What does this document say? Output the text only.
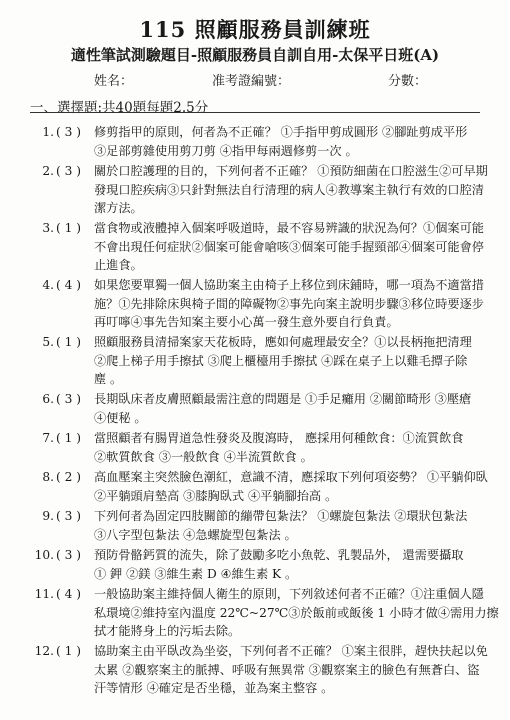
115 照顧服務員訓練班
適性筆試測驗題目-照顧服務員自訓自用-太保平日班(A)
姓名：	准考證編號：	分數：
一、選擇題:共40題每題2.5分
1. ( 3 )	修剪指甲的原則，何者為不正確？ ①手指甲剪成圓形 ②腳趾剪成平形
③足部剪雜使用剪刀剪 ④指甲每兩週修剪一次 。
2. ( 3 )	關於口腔護理的目的，下列何者不正確？ ①預防細菌在口腔滋生②可早期
發現口腔疾病③只針對無法自行清理的病人④教導案主執行有效的口腔清
潔方法。
3. ( 1 )	當食物或液體掉入個案呼吸道時，最不容易辨識的狀況為何？①個案可能
不會出現任何症狀②個案可能會嗆咳③個案可能手握頸部④個案可能會停
止進食。
4. ( 4 )	如果您要單獨一個人協助案主由椅子上移位到床鋪時，哪一項為不適當措
施？①先排除床與椅子間的障礙物②事先向案主說明步驟③移位時要逐步
再叮嚀④事先告知案主要小心萬一發生意外要自行負責。
5. ( 1 )	照顧服務員清掃案家天花板時，應如何處理最安全？①以長柄拖把清理
②爬上梯子用手擦拭 ③爬上櫃檯用手擦拭 ④踩在桌子上以雞毛撢子除
塵 。
6. ( 3 )	長期臥床者皮膚照顧最需注意的問題是 ①手足癱用 ②關節畸形 ③壓瘡
④便秘 。
7. ( 1 )	當照顧者有腸胃道急性發炎及腹瀉時， 應採用何種飲食：①流質飲食
②軟質飲食 ③一般飲食 ④半流質飲食 。
8. ( 2 )	高血壓案主突然臉色潮紅，意識不清，應採取下列何項姿勢？ ①平躺仰臥
②平躺頭肩墊高 ③膝胸臥式 ④平躺腳抬高 。
9. ( 3 )	下列何者為固定四肢關節的繃帶包紮法？ ①螺旋包紮法 ②環狀包紮法
③八字型包紮法 ④急螺旋型包紮法 。
10. ( 3 )	預防骨骼鈣質的流失，除了鼓勵多吃小魚乾、乳製品外， 還需要攝取
① 鉀 ②鎂 ③維生素 D ④維生素 K 。
11. ( 4 )	一般協助案主維持個人衛生的原則，下列敘述何者不正確？①注重個人隱
私環境②維持室內溫度 22℃~27℃③於飯前或飯後 1 小時才做④需用力擦
拭才能將身上的污垢去除。
12. ( 1 )	協助案主由平臥改為坐姿，下列何者不正確？ ①案主很胖，趕快扶起以免
太累 ②觀察案主的脈搏、呼吸有無異常 ③觀察案主的臉色有無蒼白、盜
汗等情形 ④確定是否坐穩，並為案主整容 。
